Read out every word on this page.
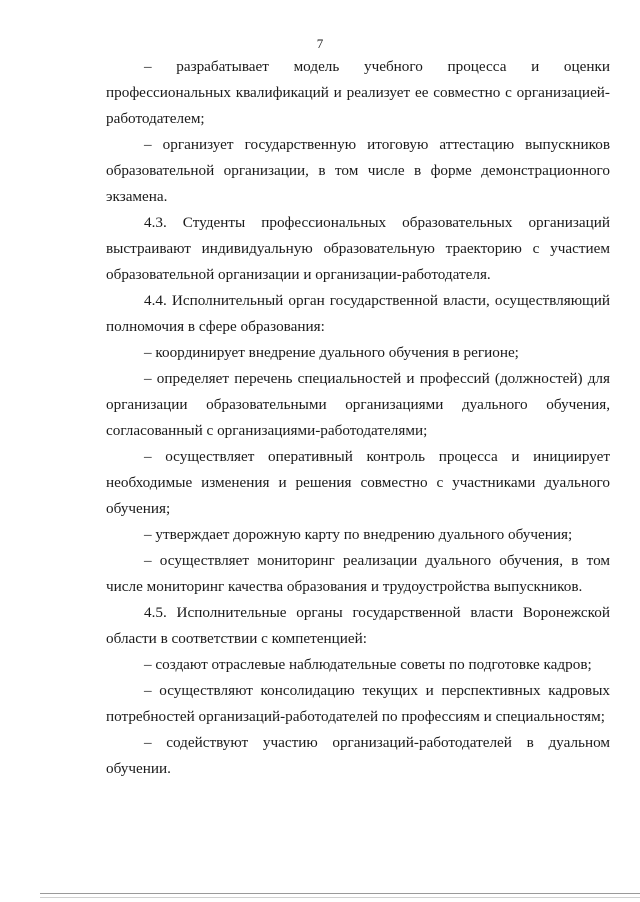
7

– разрабатывает модель учебного процесса и оценки профессиональных квалификаций и реализует ее совместно с организацией-работодателем;

– организует государственную итоговую аттестацию выпускников образовательной организации, в том числе в форме демонстрационного экзамена.

4.3. Студенты профессиональных образовательных организаций выстраивают индивидуальную образовательную траекторию с участием образовательной организации и организации-работодателя.

4.4. Исполнительный орган государственной власти, осуществляющий полномочия в сфере образования:

– координирует внедрение дуального обучения в регионе;

– определяет перечень специальностей и профессий (должностей) для организации образовательными организациями дуального обучения, согласованный с организациями-работодателями;

– осуществляет оперативный контроль процесса и инициирует необходимые изменения и решения совместно с участниками дуального обучения;

– утверждает дорожную карту по внедрению дуального обучения;

– осуществляет мониторинг реализации дуального обучения, в том числе мониторинг качества образования и трудоустройства выпускников.

4.5. Исполнительные органы государственной власти Воронежской области в соответствии с компетенцией:

– создают отраслевые наблюдательные советы по подготовке кадров;

– осуществляют консолидацию текущих и перспективных кадровых потребностей организаций-работодателей по профессиям и специальностям;

– содействуют участию организаций-работодателей в дуальном обучении.
